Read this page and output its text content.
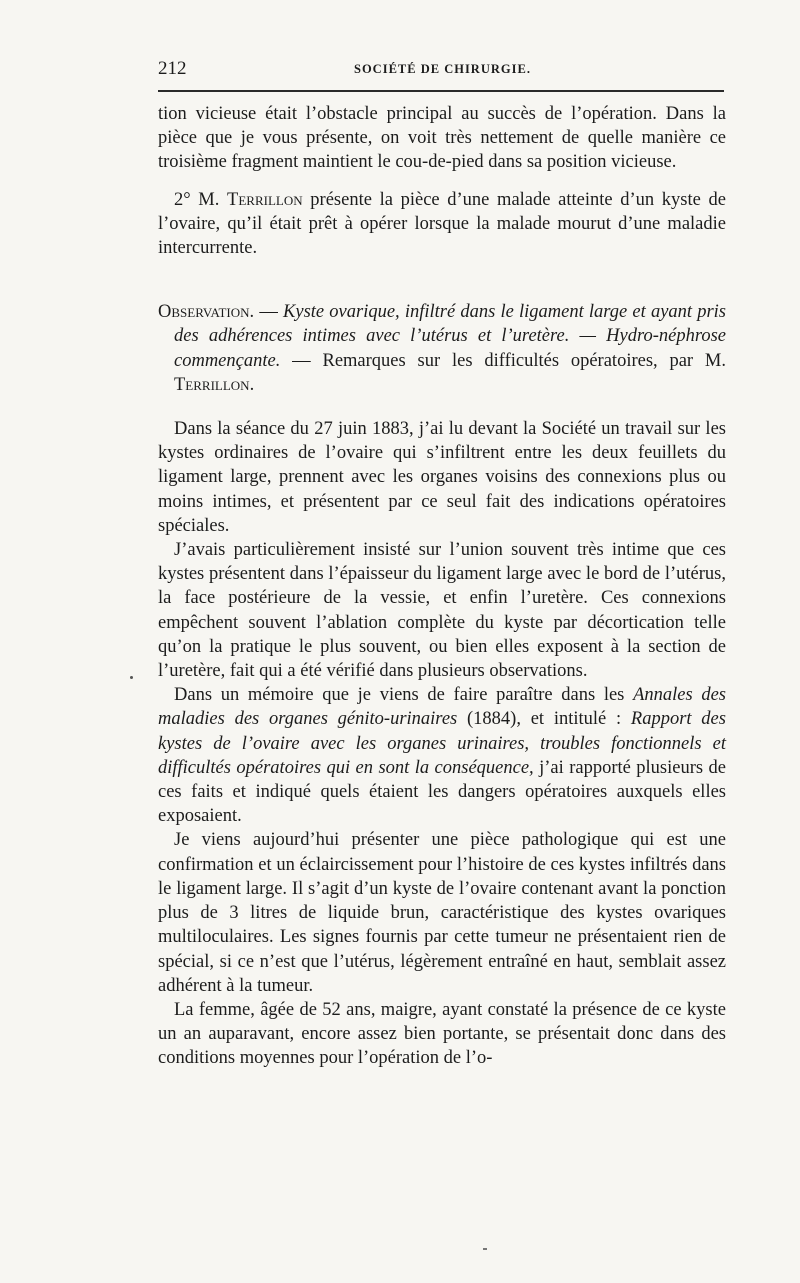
212	SOCIÉTÉ DE CHIRURGIE.

tion vicieuse était l’obstacle principal au succès de l’opération. Dans la pièce que je vous présente, on voit très nettement de quelle manière ce troisième fragment maintient le cou-de-pied dans sa position vicieuse.

2° M. Terrillon présente la pièce d’une malade atteinte d’un kyste de l’ovaire, qu’il était prêt à opérer lorsque la malade mourut d’une maladie intercurrente.

Observation. — Kyste ovarique, infiltré dans le ligament large et ayant pris des adhérences intimes avec l’utérus et l’uretère. — Hydro-néphrose commençante. — Remarques sur les difficultés opératoires, par M. Terrillon.

Dans la séance du 27 juin 1883, j’ai lu devant la Société un travail sur les kystes ordinaires de l’ovaire qui s’infiltrent entre les deux feuillets du ligament large, prennent avec les organes voisins des connexions plus ou moins intimes, et présentent par ce seul fait des indications opératoires spéciales.

J’avais particulièrement insisté sur l’union souvent très intime que ces kystes présentent dans l’épaisseur du ligament large avec le bord de l’utérus, la face postérieure de la vessie, et enfin l’uretère. Ces connexions empêchent souvent l’ablation complète du kyste par décortication telle qu’on la pratique le plus souvent, ou bien elles exposent à la section de l’uretère, fait qui a été vérifié dans plusieurs observations.

Dans un mémoire que je viens de faire paraître dans les Annales des maladies des organes génito-urinaires (1884), et intitulé : Rapport des kystes de l’ovaire avec les organes urinaires, troubles fonctionnels et difficultés opératoires qui en sont la conséquence, j’ai rapporté plusieurs de ces faits et indiqué quels étaient les dangers opératoires auxquels elles exposaient.

Je viens aujourd’hui présenter une pièce pathologique qui est une confirmation et un éclaircissement pour l’histoire de ces kystes infiltrés dans le ligament large. Il s’agit d’un kyste de l’ovaire contenant avant la ponction plus de 3 litres de liquide brun, caractéristique des kystes ovariques multiloculaires. Les signes fournis par cette tumeur ne présentaient rien de spécial, si ce n’est que l’utérus, légèrement entraîné en haut, semblait assez adhérent à la tumeur.

La femme, âgée de 52 ans, maigre, ayant constaté la présence de ce kyste un an auparavant, encore assez bien portante, se présentait donc dans des conditions moyennes pour l’opération de l’o-
